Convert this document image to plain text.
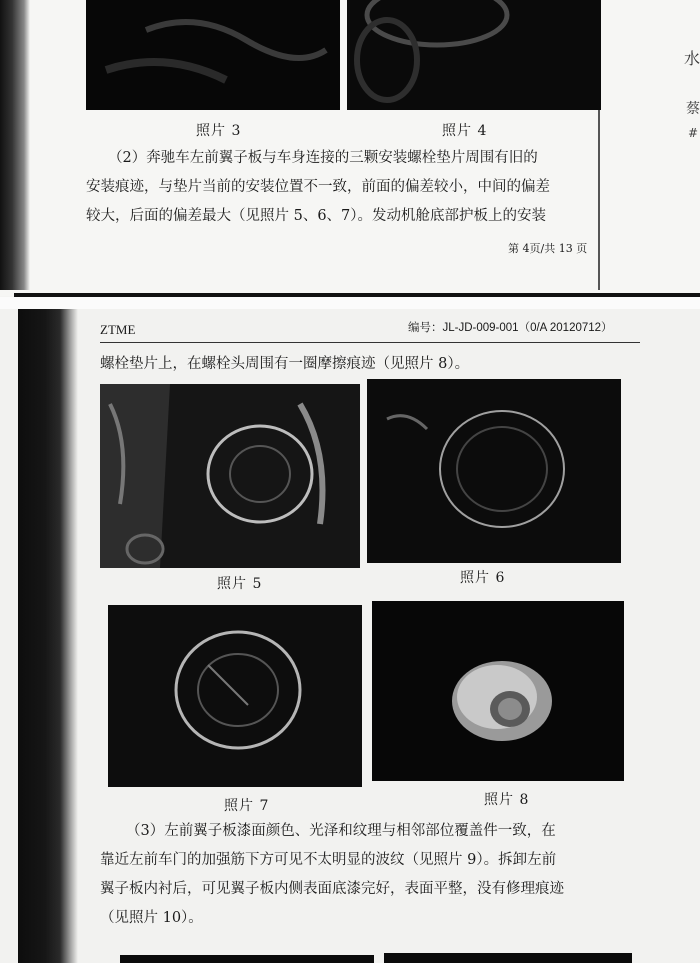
照片 3	照片 4
（2）奔驰车左前翼子板与车身连接的三颗安装螺栓垫片周围有旧的
安装痕迹，与垫片当前的安装位置不一致，前面的偏差较小，中间的偏差
较大，后面的偏差最大（见照片 5、6、7）。发动机舱底部护板上的安装
第 4页/共 13 页
水
蔡
#
ZTME	编号：JL-JD-009-001（0/A 20120712）
螺栓垫片上，在螺栓头周围有一圈摩擦痕迹（见照片 8）。
照片 5	照片 6
照片 7	照片 8
（3）左前翼子板漆面颜色、光泽和纹理与相邻部位覆盖件一致，在
靠近左前车门的加强筋下方可见不太明显的波纹（见照片 9）。拆卸左前
翼子板内衬后，可见翼子板内侧表面底漆完好，表面平整，没有修理痕迹
（见照片 10）。
